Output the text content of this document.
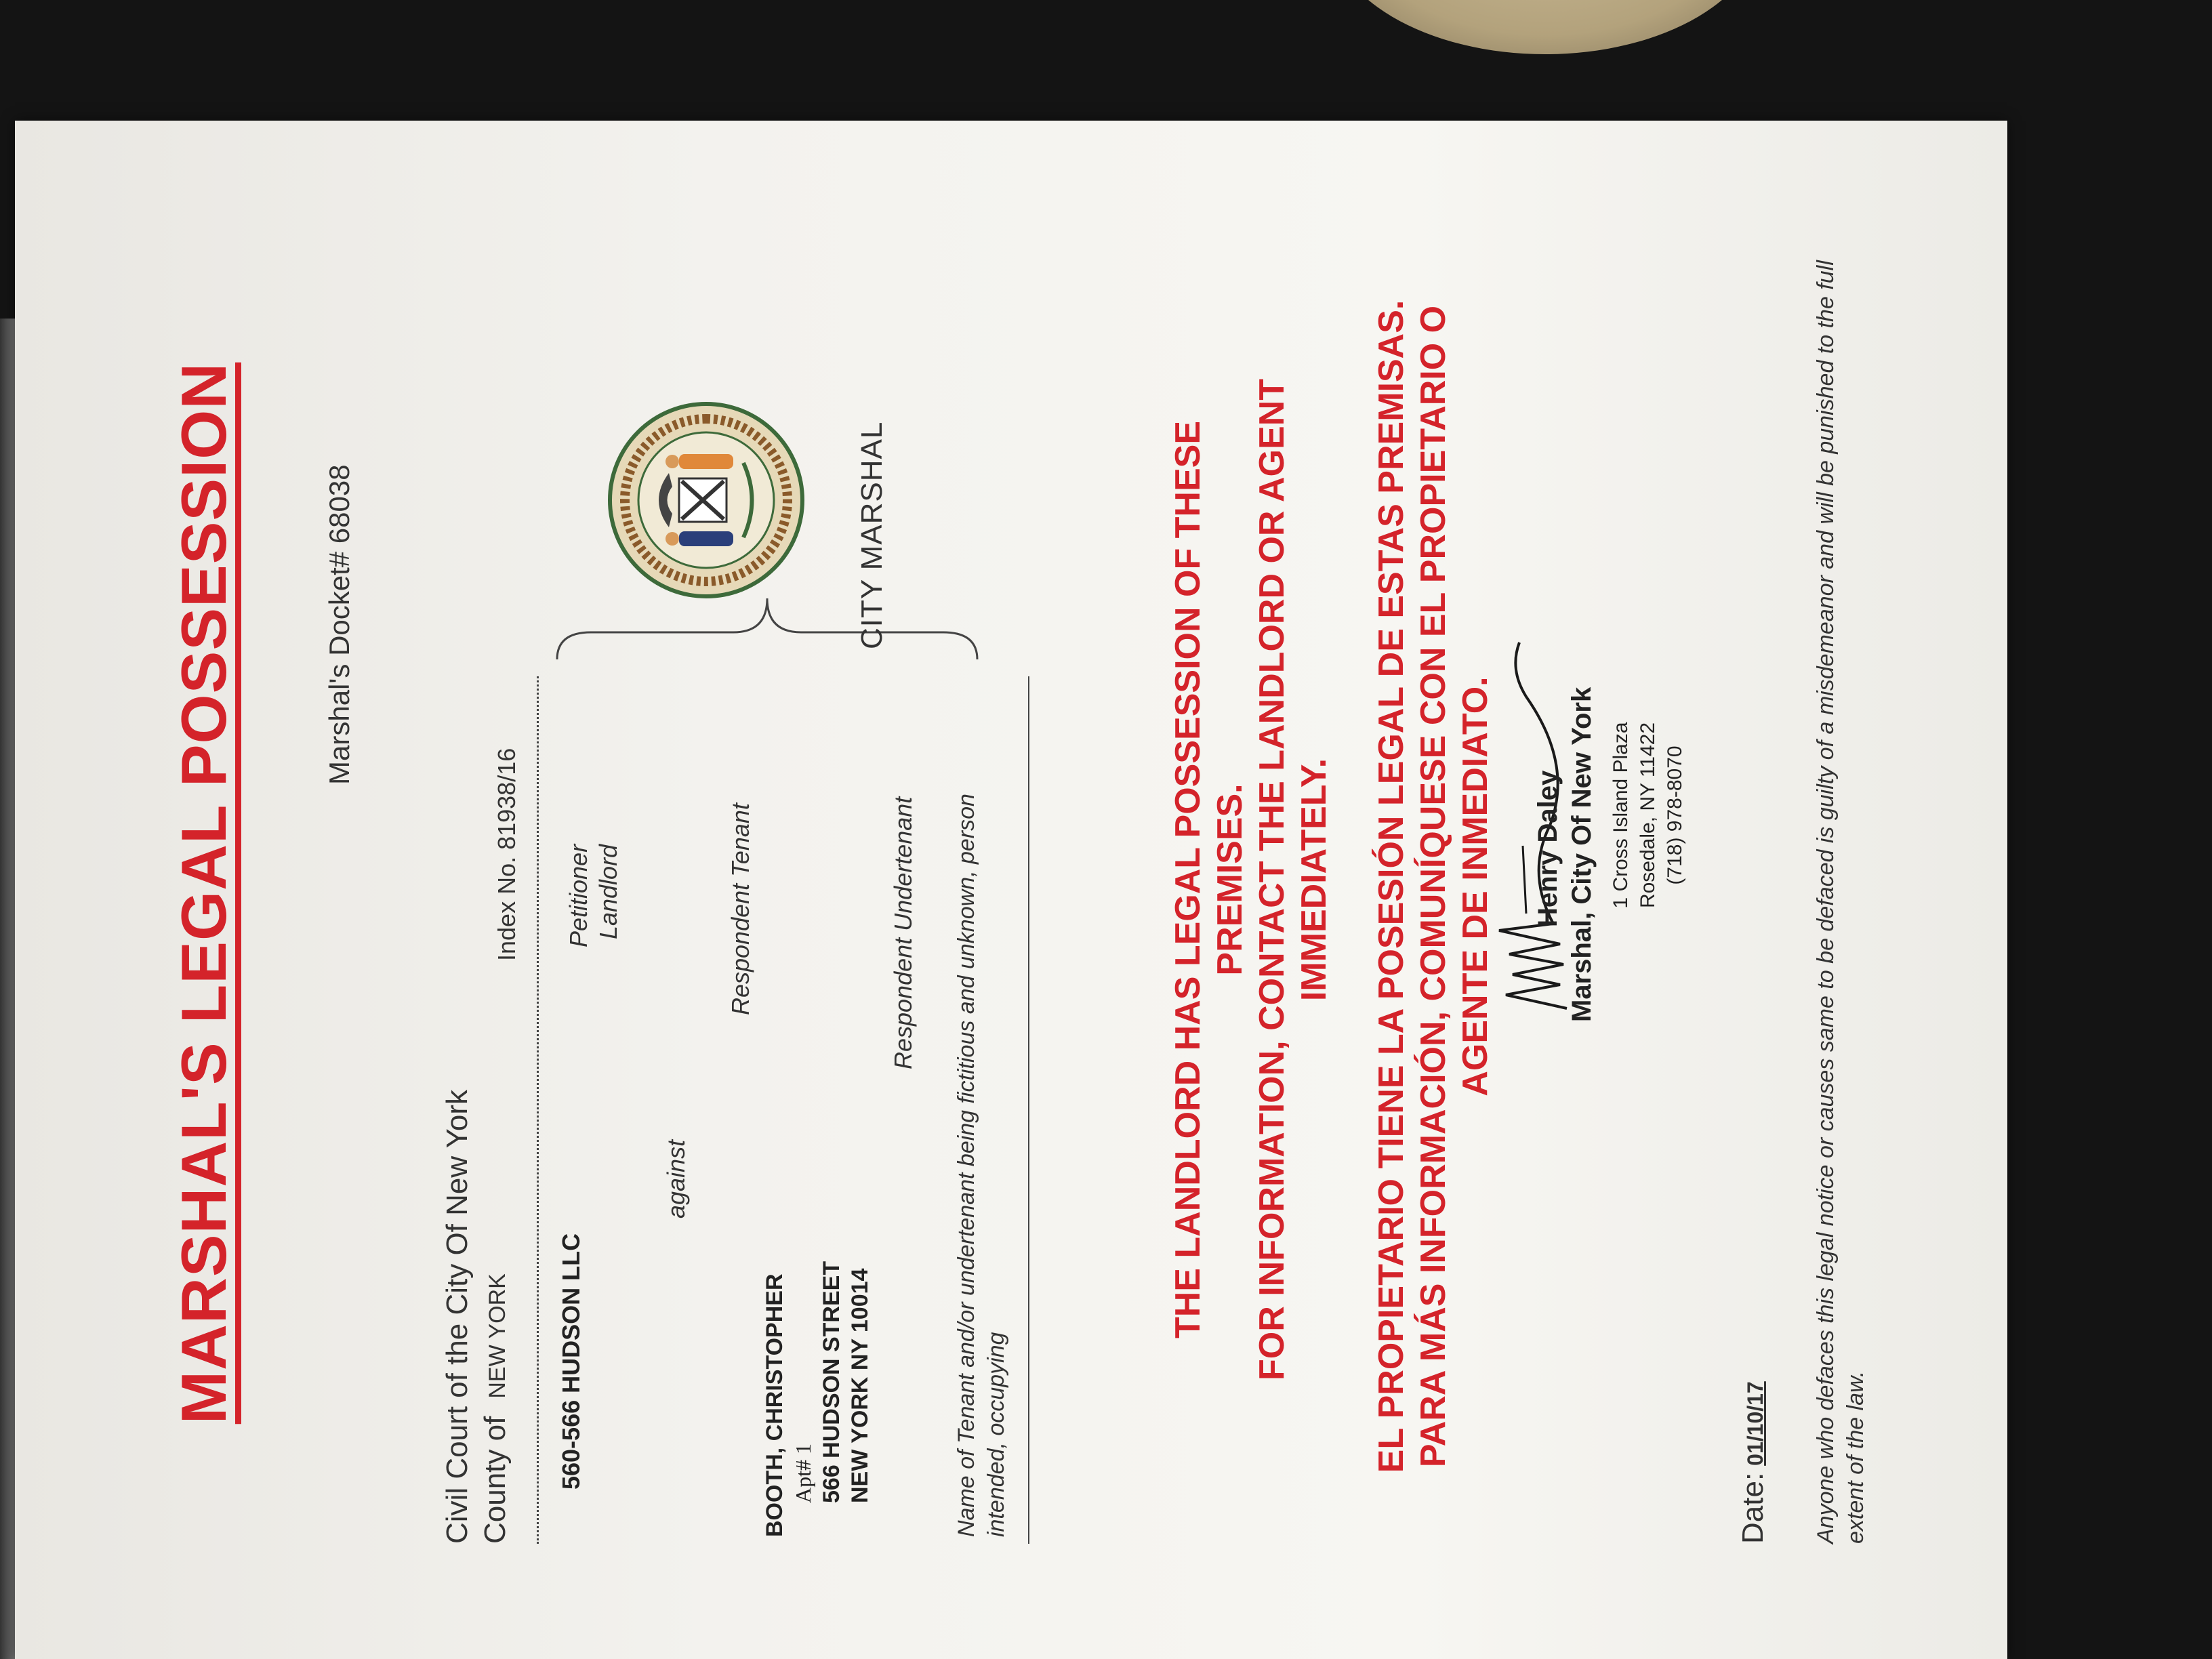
MARSHAL'S LEGAL POSSESSION	Marshal's Docket# 68038
Civil Court of the City Of New York County ofNEW YORK
Index No. 81938/16
560-566 HUDSON LLC
Petitioner Landlord
against
Respondent Tenant
BOOTH, CHRISTOPHER Apt# 1 566 HUDSON STREET NEW YORK NY 10014
Respondent Undertenant Name of Tenant and/or undertenant being fictitious and unknown, person intended, occupying
CITY MARSHAL	THE LANDLORD HAS LEGAL POSSESSION OF THESE PREMISES. FOR INFORMATION, CONTACT THE LANDLORD OR AGENT IMMEDIATELY. EL PROPIETARIO TIENE LA POSESIÓN LEGAL DE ESTAS PREMISAS. PARA MÁS INFORMACIÓN, COMUNÍQUESE CON EL PROPIETARIO O AGENTE DE INMEDIATO. Henry Daley Marshal, City Of New York 1 Cross Island Plaza Rosedale, NY 11422 (718) 978-8070
Date:01/10/17 Anyone who defaces this legal notice or causes same to be defaced is guilty of a misdemeanor and will be punished to the full extent of the law.
